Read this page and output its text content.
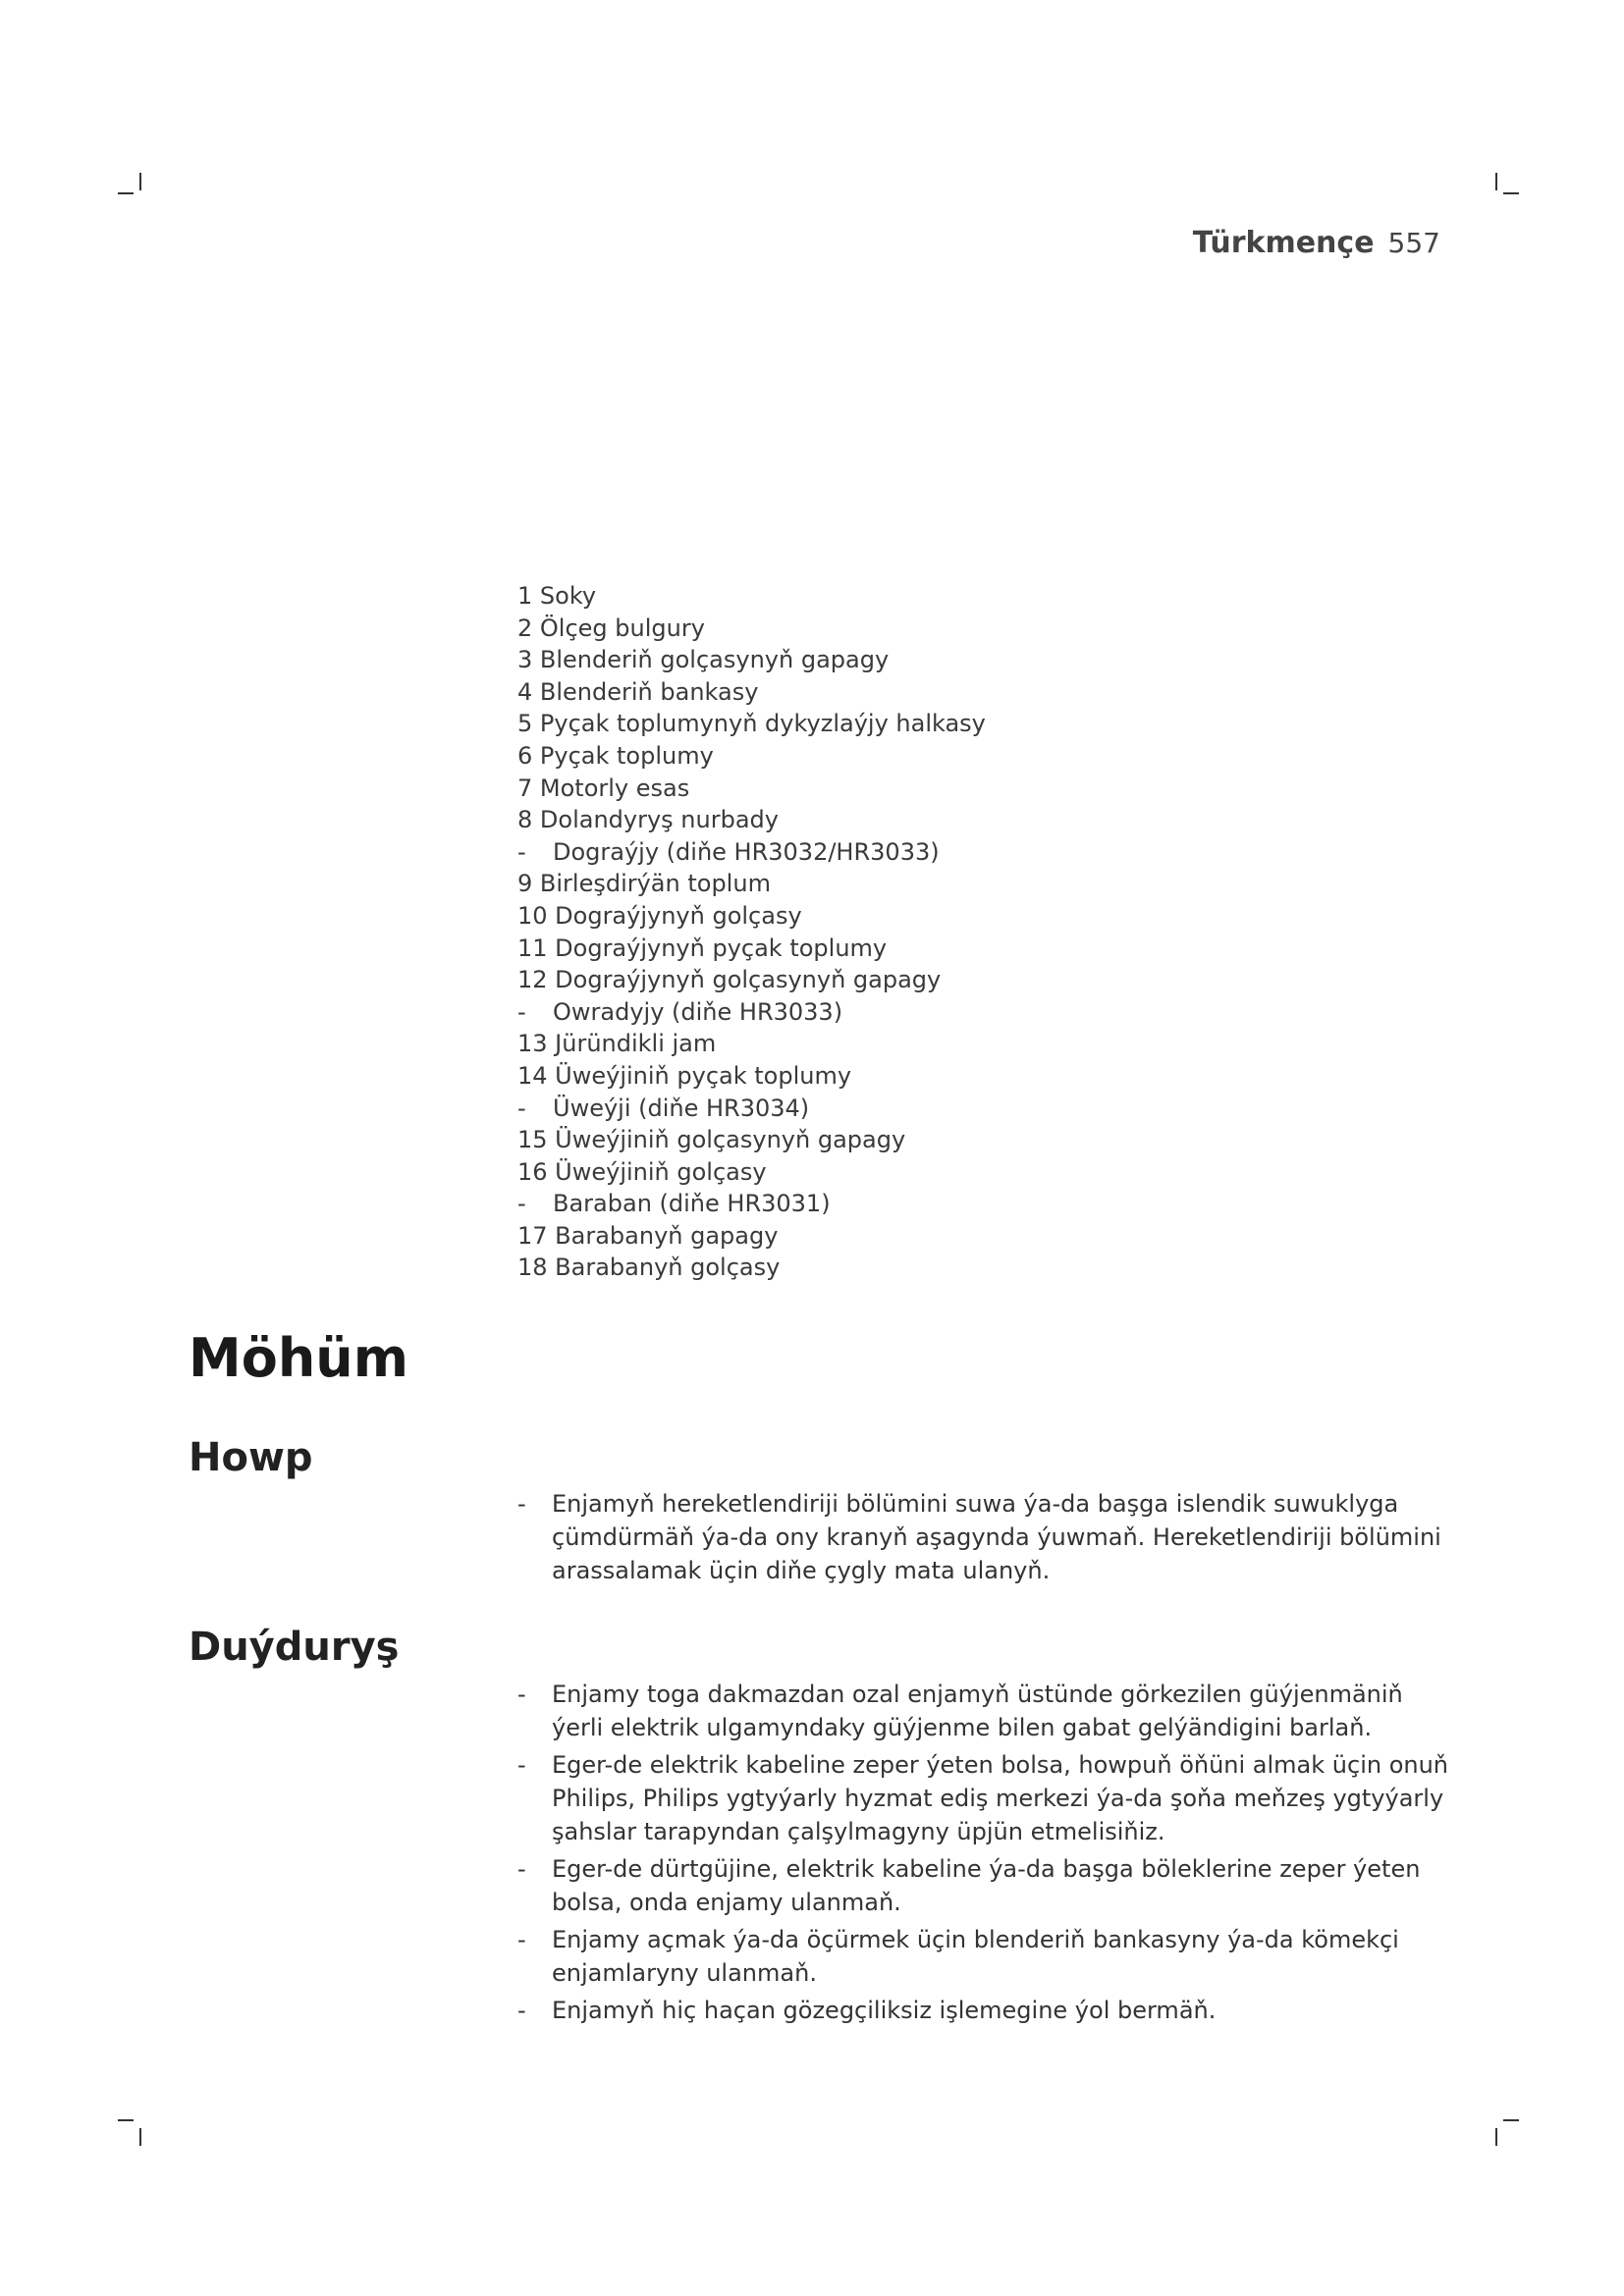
Türkmençe 557
1 Soky
2 Ölçeg bulgury
3 Blenderiň golçasynyň gapagy
4 Blenderiň bankasy
5 Pyçak toplumynyň dykyzlaýjy halkasy
6 Pyçak toplumy
7 Motorly esas
8 Dolandyryş nurbady
- Dograýjy (diňe HR3032/HR3033)
9 Birleşdirýän toplum
10 Dograýjynyň golçasy
11 Dograýjynyň pyçak toplumy
12 Dograýjynyň golçasynyň gapagy
- Owradyjy (diňe HR3033)
13 Jüründikli jam
14 Üweýjiniň pyçak toplumy
- Üweýji (diňe HR3034)
15 Üweýjiniň golçasynyň gapagy
16 Üweýjiniň golçasy
- Baraban (diňe HR3031)
17 Barabanyň gapagy
18 Barabanyň golçasy
Möhüm
Howp
- Enjamyň hereketlendiriji bölümini suwa ýa-da başga islendik suwuklyga çümdürmäň ýa-da ony kranyň aşagynda ýuwmaň. Hereketlendiriji bölümini arassalamak üçin diňe çygly mata ulanyň.
Duýduryş
- Enjamy toga dakmazdan ozal enjamyň üstünde görkezilen güýjenmäniň ýerli elektrik ulgamyndaky güýjenme bilen gabat gelýändigini barlaň.
- Eger-de elektrik kabeline zeper ýeten bolsa, howpuň öňüni almak üçin onuň Philips, Philips ygtyýarly hyzmat ediş merkezi ýa-da şoňa meňzeş ygtyýarly şahslar tarapyndan çalşylmagyny üpjün etmelisiňiz.
- Eger-de dürtgüjine, elektrik kabeline ýa-da başga böleklerine zeper ýeten bolsa, onda enjamy ulanmaň.
- Enjamy açmak ýa-da öçürmek üçin blenderiň bankasyny ýa-da kömekçi enjamlaryny ulanmaň.
- Enjamyň hiç haçan gözegçiliksiz işlemegine ýol bermäň.
